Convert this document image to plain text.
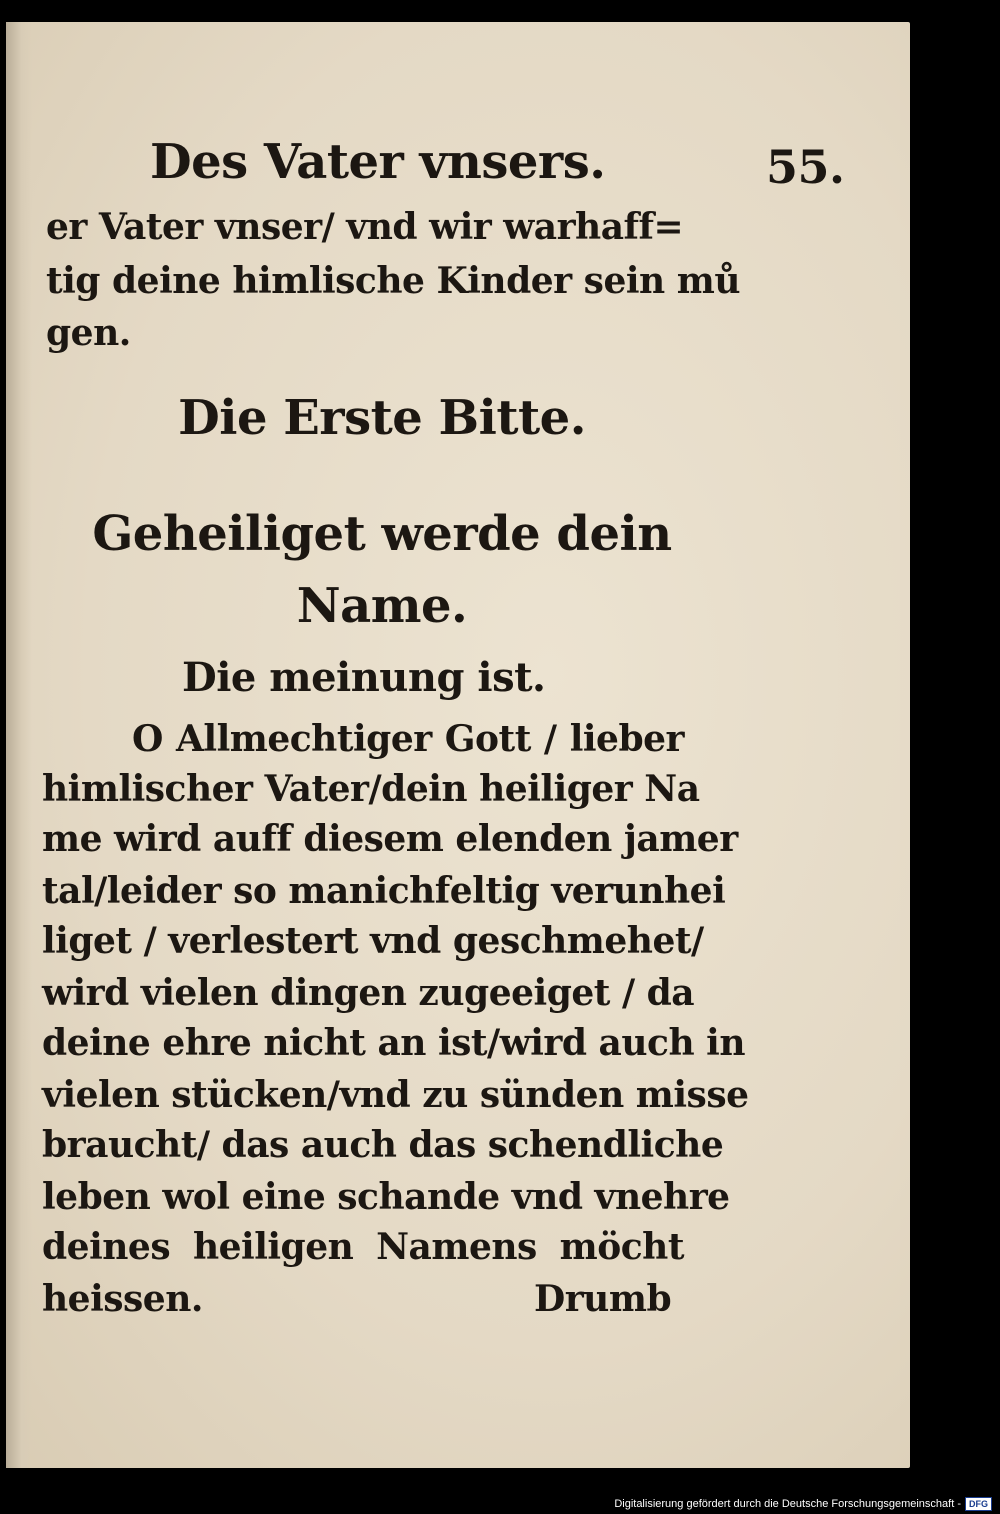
Des Vater vnsers.	55.
er Vater vnser/ vnd wir warhaff=
tig deine himlische Kinder sein mů
gen.
Die Erste Bitte.
Geheiliget werde dein
Name.
Die meinung ist.
O Allmechtiger Gott / lieber
himlischer Vater/dein heiliger Na
me wird auff diesem elenden jamer
tal/leider so manichfeltig verunhei
liget / verlestert vnd geschmehet/
wird vielen dingen zugeeiget / da
deine ehre nicht an ist/wird auch in
vielen stücken/vnd zu sünden misse
braucht/ das auch das schendliche
leben wol eine schande vnd vnehre
deines heiligen Namens möcht
heissen.	Drumb
Digitalisierung gefördert durch die Deutsche Forschungsgemeinschaft - DFG
